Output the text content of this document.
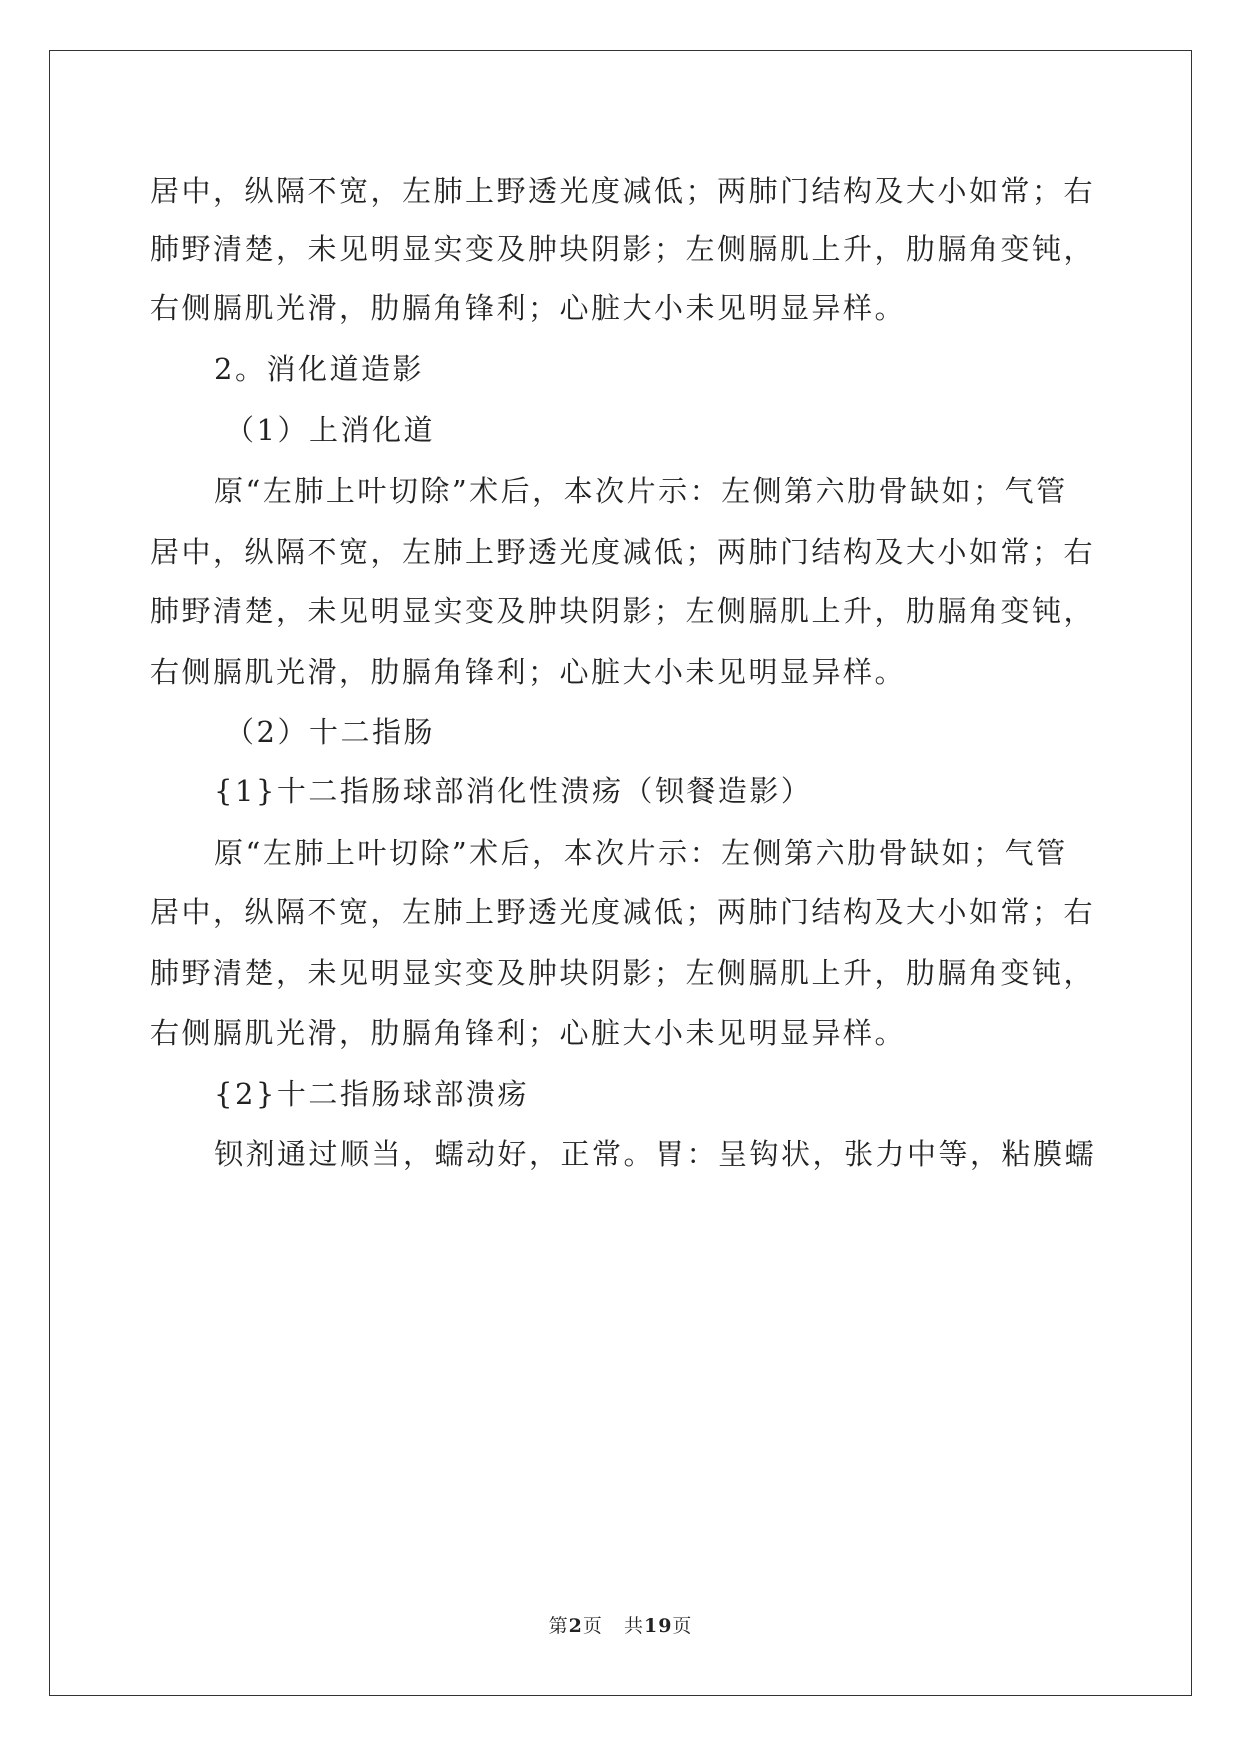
居中，纵隔不宽，左肺上野透光度减低；两肺门结构及大小如常；右
肺野清楚，未见明显实变及肿块阴影；左侧膈肌上升，肋膈角变钝，
右侧膈肌光滑，肋膈角锋利；心脏大小未见明显异样。
2。消化道造影
（1）上消化道
原“左肺上叶切除”术后，本次片示：左侧第六肋骨缺如；气管
居中，纵隔不宽，左肺上野透光度减低；两肺门结构及大小如常；右
肺野清楚，未见明显实变及肿块阴影；左侧膈肌上升，肋膈角变钝，
右侧膈肌光滑，肋膈角锋利；心脏大小未见明显异样。
（2）十二指肠
{1}十二指肠球部消化性溃疡（钡餐造影）
原“左肺上叶切除”术后，本次片示：左侧第六肋骨缺如；气管
居中，纵隔不宽，左肺上野透光度减低；两肺门结构及大小如常；右
肺野清楚，未见明显实变及肿块阴影；左侧膈肌上升，肋膈角变钝，
右侧膈肌光滑，肋膈角锋利；心脏大小未见明显异样。
{2}十二指肠球部溃疡
钡剂通过顺当，蠕动好，正常。胃：呈钩状，张力中等，粘膜蠕
第2页 共19页
